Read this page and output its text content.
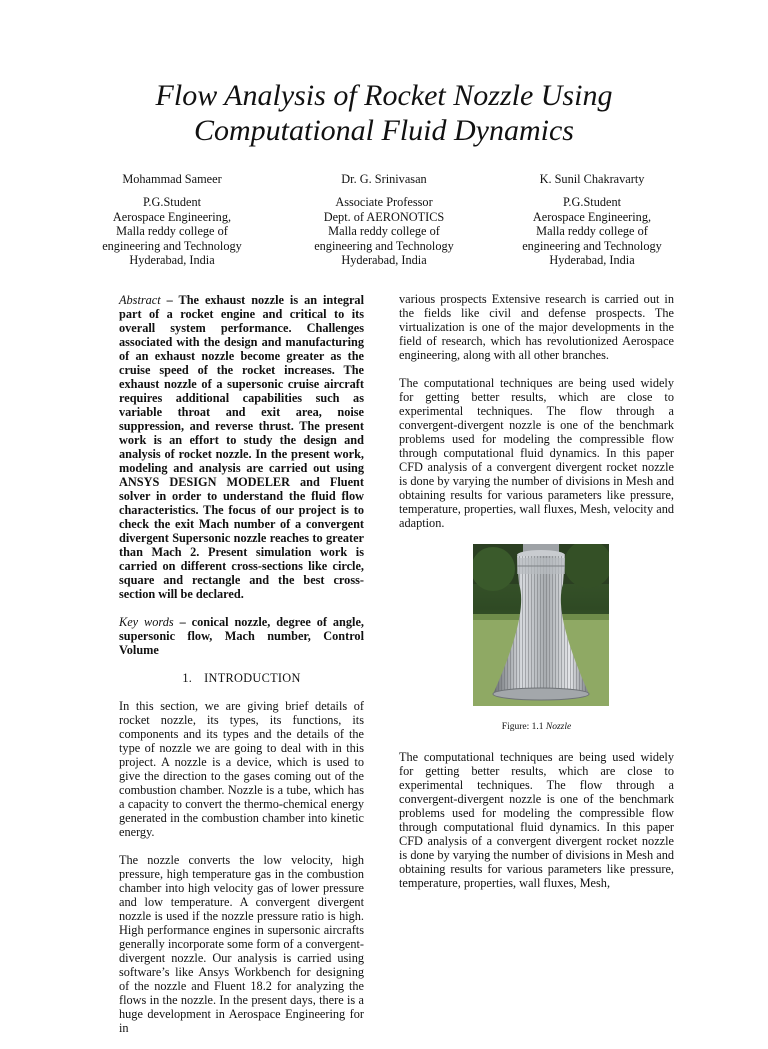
Flow Analysis of Rocket Nozzle Using
Computational Fluid Dynamics
Mohammad Sameer
P.G.Student
Aerospace Engineering,
Malla reddy college of
engineering and Technology
Hyderabad, India
Dr. G. Srinivasan
Associate Professor
Dept. of AERONOTICS
Malla reddy college of
engineering and Technology
Hyderabad, India
K. Sunil Chakravarty
P.G.Student
Aerospace Engineering,
Malla reddy college of
engineering and Technology
Hyderabad, India

Abstract – The exhaust nozzle is an integral part of a rocket engine and critical to its overall system performance. Challenges associated with the design and manufacturing of an exhaust nozzle become greater as the cruise speed of the rocket increases. The exhaust nozzle of a supersonic cruise aircraft requires additional capabilities such as variable throat and exit area, noise suppression, and reverse thrust. The present work is an effort to study the design and analysis of rocket nozzle. In the present work, modeling and analysis are carried out using ANSYS DESIGN MODELER and Fluent solver in order to understand the fluid flow characteristics. The focus of our project is to check the exit Mach number of a convergent divergent Supersonic nozzle reaches to greater than Mach 2. Present simulation work is carried on different cross-sections like circle, square and rectangle and the best cross-section will be declared.

Key words – conical nozzle, degree of angle, supersonic flow, Mach number, Control Volume

1. INTRODUCTION

In this section, we are giving brief details of rocket nozzle, its types, its functions, its components and its types and the details of the type of nozzle we are going to deal with in this project. A nozzle is a device, which is used to give the direction to the gases coming out of the combustion chamber. Nozzle is a tube, which has a capacity to convert the thermo-chemical energy generated in the combustion chamber into kinetic energy.

The nozzle converts the low velocity, high pressure, high temperature gas in the combustion chamber into high velocity gas of lower pressure and low temperature. A convergent divergent nozzle is used if the nozzle pressure ratio is high. High performance engines in supersonic aircrafts generally incorporate some form of a convergent-divergent nozzle. Our analysis is carried using software’s like Ansys Workbench for designing of the nozzle and Fluent 18.2 for analyzing the flows in the nozzle. In the present days, there is a huge development in Aerospace Engineering for in

various prospects Extensive research is carried out in the fields like civil and defense prospects. The virtualization is one of the major developments in the field of research, which has revolutionized Aerospace engineering, along with all other branches.

The computational techniques are being used widely for getting better results, which are close to experimental techniques. The flow through a convergent-divergent nozzle is one of the benchmark problems used for modeling the compressible flow through computational fluid dynamics. In this paper CFD analysis of a convergent divergent rocket nozzle is done by varying the number of divisions in Mesh and obtaining results for various parameters like pressure, temperature, properties, wall fluxes, Mesh, velocity and adaption.

Figure: 1.1 Nozzle

The computational techniques are being used widely for getting better results, which are close to experimental techniques. The flow through a convergent-divergent nozzle is one of the benchmark problems used for modeling the compressible flow through computational fluid dynamics. In this paper CFD analysis of a convergent divergent rocket nozzle is done by varying the number of divisions in Mesh and obtaining results for various parameters like pressure, temperature, properties, wall fluxes, Mesh,
